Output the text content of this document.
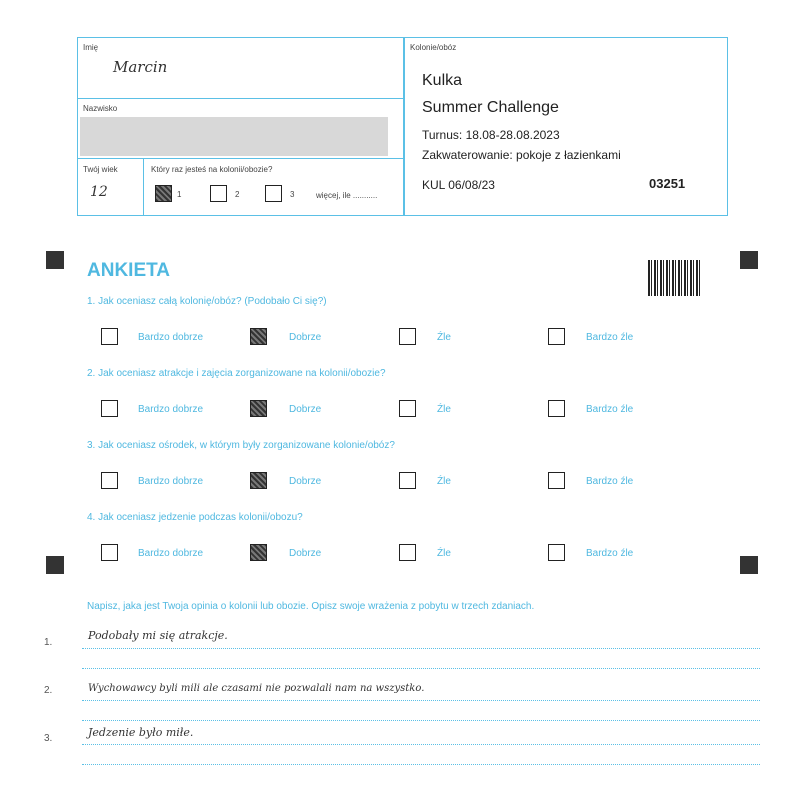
Imię
Marcin
Nazwisko
Twój wiek
12
Który raz jesteś na kolonii/obozie?
1	2	3	więcej, ile ...........
Kolonie/obóz
Kulka
Summer Challenge
Turnus: 18.08-28.08.2023
Zakwaterowanie: pokoje z łazienkami
KUL 06/08/23	03251
ANKIETA
1. Jak oceniasz całą kolonię/obóz? (Podobało Ci się?)
Bardzo dobrze	Dobrze	Źle	Bardzo źle
2. Jak oceniasz atrakcje i zajęcia zorganizowane na kolonii/obozie?
Bardzo dobrze	Dobrze	Źle	Bardzo źle
3. Jak oceniasz ośrodek, w którym były zorganizowane kolonie/obóz?
Bardzo dobrze	Dobrze	Źle	Bardzo źle
4. Jak oceniasz jedzenie podczas kolonii/obozu?
Bardzo dobrze	Dobrze	Źle	Bardzo źle
Napisz, jaka jest Twoja opinia o kolonii lub obozie. Opisz swoje wrażenia z pobytu w trzech zdaniach.
1.
Podobały mi się atrakcje.
2.	Wychowawcy byli mili ale czasami nie pozwalali nam na wszystko.
3.	Jedzenie było miłe.
